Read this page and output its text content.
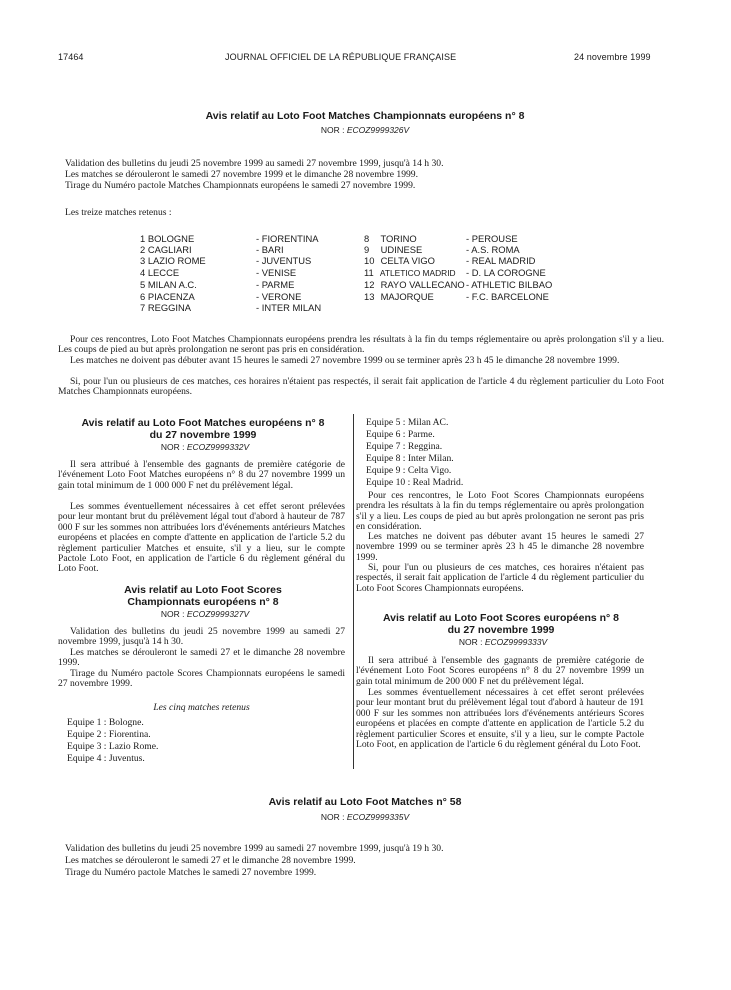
17464	JOURNAL OFFICIEL DE LA RÉPUBLIQUE FRANÇAISE	24 novembre 1999
Avis relatif au Loto Foot Matches Championnats européens n° 8
NOR : ECOZ9999326V
Validation des bulletins du jeudi 25 novembre 1999 au samedi 27 novembre 1999, jusqu'à 14 h 30.
Les matches se dérouleront le samedi 27 novembre 1999 et le dimanche 28 novembre 1999.
Tirage du Numéro pactole Matches Championnats européens le samedi 27 novembre 1999.
Les treize matches retenus :
1 BOLOGNE	- FIORENTINA
2 CAGLIARI	- BARI
3 LAZIO ROME	- JUVENTUS
4 LECCE	- VENISE
5 MILAN A.C.	- PARME
6 PIACENZA	- VERONE
7 REGGINA	- INTER MILAN
8 TORINO	- PEROUSE
9 UDINESE	- A.S. ROMA
10 CELTA VIGO	- REAL MADRID
11 ATLETICO MADRID - D. LA COROGNE
12 RAYO VALLECANO - ATHLETIC BILBAO
13 MAJORQUE	- F.C. BARCELONE

Pour ces rencontres, Loto Foot Matches Championnats européens prendra les résultats à la fin du temps réglementaire ou après prolongation s'il y a lieu. Les coups de pied au but après prolongation ne seront pas pris en considération.

Les matches ne doivent pas débuter avant 15 heures le samedi 27 novembre 1999 ou se terminer après 23 h 45 le dimanche 28 novembre 1999.

Si, pour l'un ou plusieurs de ces matches, ces horaires n'étaient pas respectés, il serait fait application de l'article 4 du règlement particulier du Loto Foot Matches Championnats européens.

Avis relatif au Loto Foot Matches européens n° 8
du 27 novembre 1999
NOR : ECOZ9999332V

Il sera attribué à l'ensemble des gagnants de première catégorie de l'événement Loto Foot Matches européens n° 8 du 27 novembre 1999 un gain total minimum de 1 000 000 F net du prélèvement légal.

Les sommes éventuellement nécessaires à cet effet seront prélevées pour leur montant brut du prélèvement légal tout d'abord à hauteur de 787 000 F sur les sommes non attribuées lors d'événements antérieurs Matches européens et placées en compte d'attente en application de l'article 5.2 du règlement particulier Matches et ensuite, s'il y a lieu, sur le compte Pactole Loto Foot, en application de l'article 6 du règlement général du Loto Foot.

Avis relatif au Loto Foot Scores
Championnats européens n° 8
NOR : ECOZ9999327V

Validation des bulletins du jeudi 25 novembre 1999 au samedi 27 novembre 1999, jusqu'à 14 h 30.

Les matches se dérouleront le samedi 27 et le dimanche 28 novembre 1999.

Tirage du Numéro pactole Scores Championnats européens le samedi 27 novembre 1999.

Les cinq matches retenus
Equipe 1 : Bologne.
Equipe 2 : Fiorentina.
Equipe 3 : Lazio Rome.
Equipe 4 : Juventus.
Equipe 5 : Milan AC.
Equipe 6 : Parme.
Equipe 7 : Reggina.
Equipe 8 : Inter Milan.
Equipe 9 : Celta Vigo.
Equipe 10 : Real Madrid.

Pour ces rencontres, le Loto Foot Scores Championnats européens prendra les résultats à la fin du temps réglementaire ou après prolongation s'il y a lieu. Les coups de pied au but après prolongation ne seront pas pris en considération.

Les matches ne doivent pas débuter avant 15 heures le samedi 27 novembre 1999 ou se terminer après 23 h 45 le dimanche 28 novembre 1999.

Si, pour l'un ou plusieurs de ces matches, ces horaires n'étaient pas respectés, il serait fait application de l'article 4 du règlement particulier du Loto Foot Scores Championnats européens.

Avis relatif au Loto Foot Scores européens n° 8
du 27 novembre 1999
NOR : ECOZ9999333V

Il sera attribué à l'ensemble des gagnants de première catégorie de l'événement Loto Foot Scores européens n° 8 du 27 novembre 1999 un gain total minimum de 200 000 F net du prélèvement légal.

Les sommes éventuellement nécessaires à cet effet seront prélevées pour leur montant brut du prélèvement légal tout d'abord à hauteur de 191 000 F sur les sommes non attribuées lors d'événements antérieurs Scores européens et placées en compte d'attente en application de l'article 5.2 du règlement particulier Scores et ensuite, s'il y a lieu, sur le compte Pactole Loto Foot, en application de l'article 6 du règlement général du Loto Foot.

Avis relatif au Loto Foot Matches n° 58
NOR : ECOZ9999335V
Validation des bulletins du jeudi 25 novembre 1999 au samedi 27 novembre 1999, jusqu'à 19 h 30.
Les matches se dérouleront le samedi 27 et le dimanche 28 novembre 1999.
Tirage du Numéro pactole Matches le samedi 27 novembre 1999.
